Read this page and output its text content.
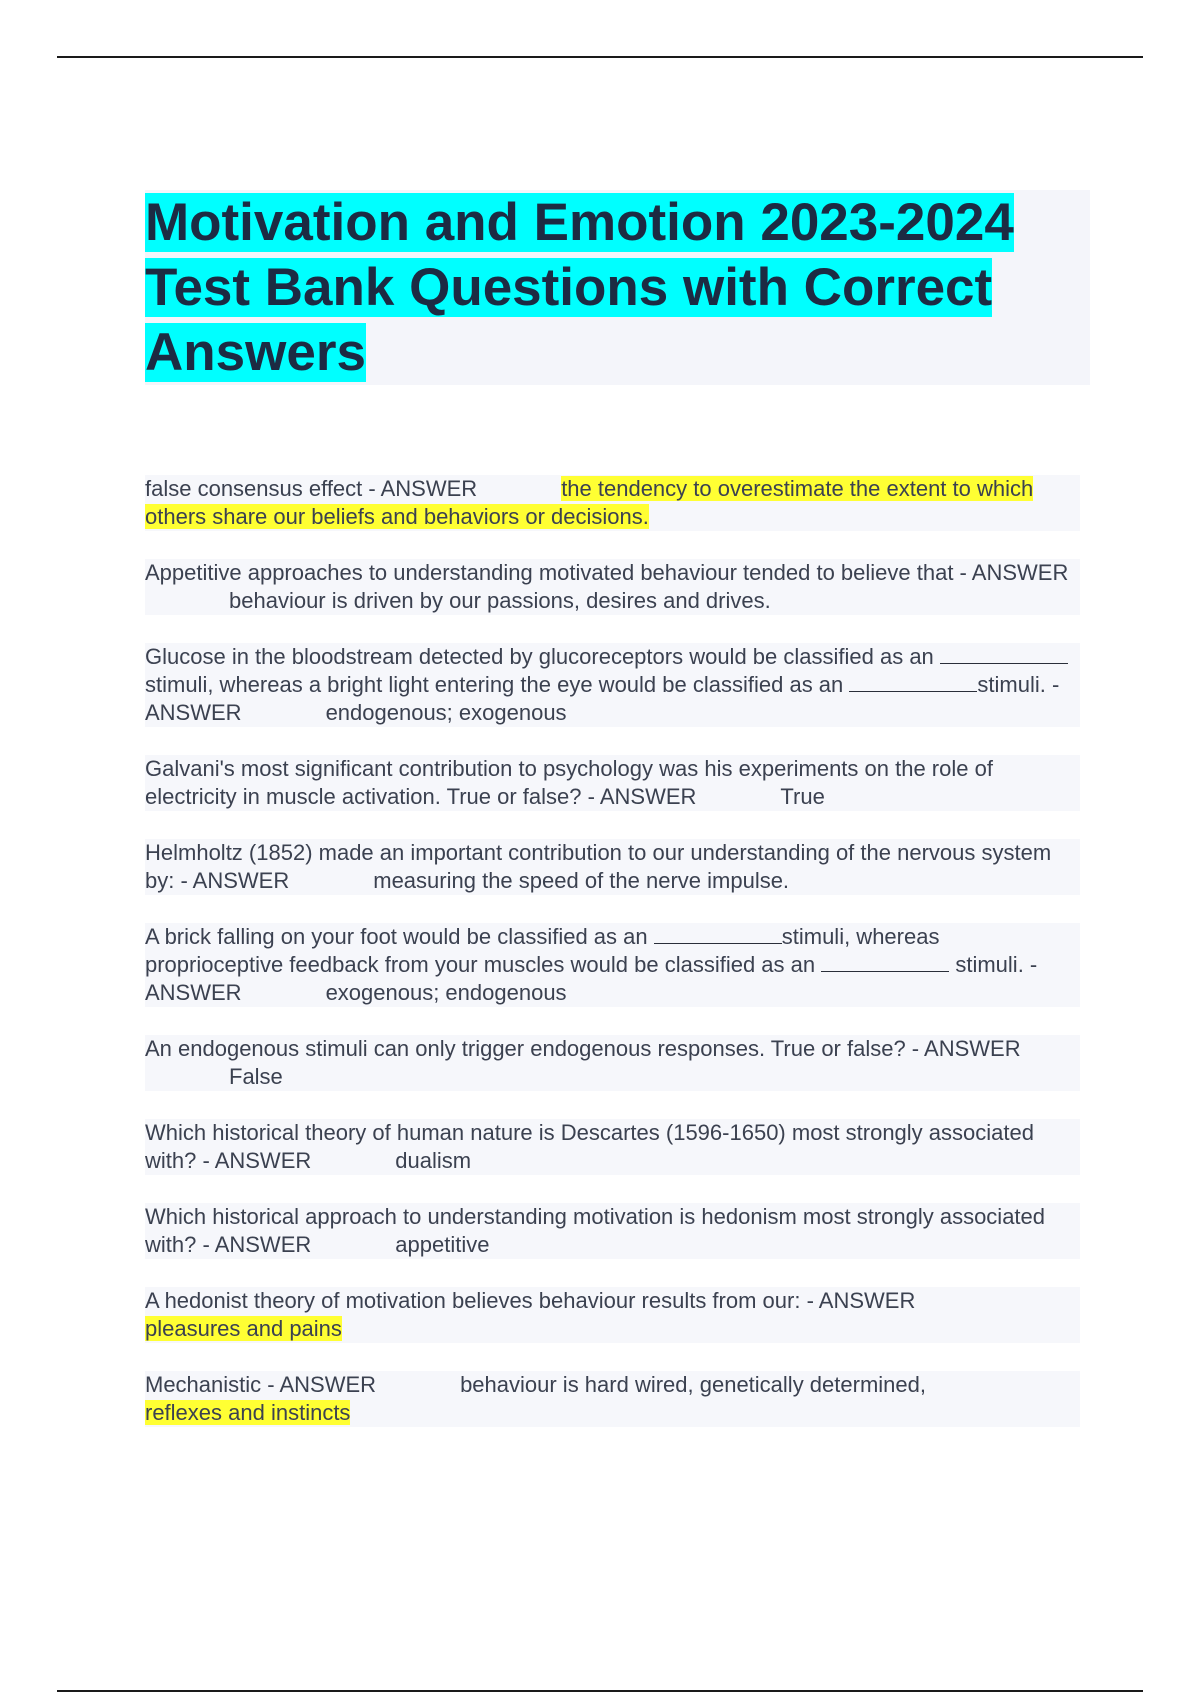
Motivation and Emotion 2023-2024
Test Bank Questions with Correct
Answers

false consensus effect - ANSWER	the tendency to overestimate the extent to which others share our beliefs and behaviors or decisions.

Appetitive approaches to understanding motivated behaviour tended to believe that - ANSWERbehaviour is driven by our passions, desires and drives.

Glucose in the bloodstream detected by glucoreceptors would be classified as an stimuli, whereas a bright light entering the eye would be classified as an	stimuli. - ANSWER	endogenous; exogenous

Galvani's most significant contribution to psychology was his experiments on the role of electricity in muscle activation. True or false? - ANSWER	True

Helmholtz (1852) made an important contribution to our understanding of the nervous system by: - ANSWER	measuring the speed of the nerve impulse.

A brick falling on your foot would be classified as an	stimuli, whereas proprioceptive feedback from your muscles would be classified as an	stimuli. - ANSWER	exogenous; endogenous

An endogenous stimuli can only trigger endogenous responses. True or false? - ANSWERFalse

Which historical theory of human nature is Descartes (1596-1650) most strongly associated with? - ANSWER	dualism

Which historical approach to understanding motivation is hedonism most strongly associated with? - ANSWER	appetitive

A hedonist theory of motivation believes behaviour results from our: - ANSWER
pleasures and pains

Mechanistic - ANSWER	behaviour is hard wired, genetically determined,
reflexes and instincts
